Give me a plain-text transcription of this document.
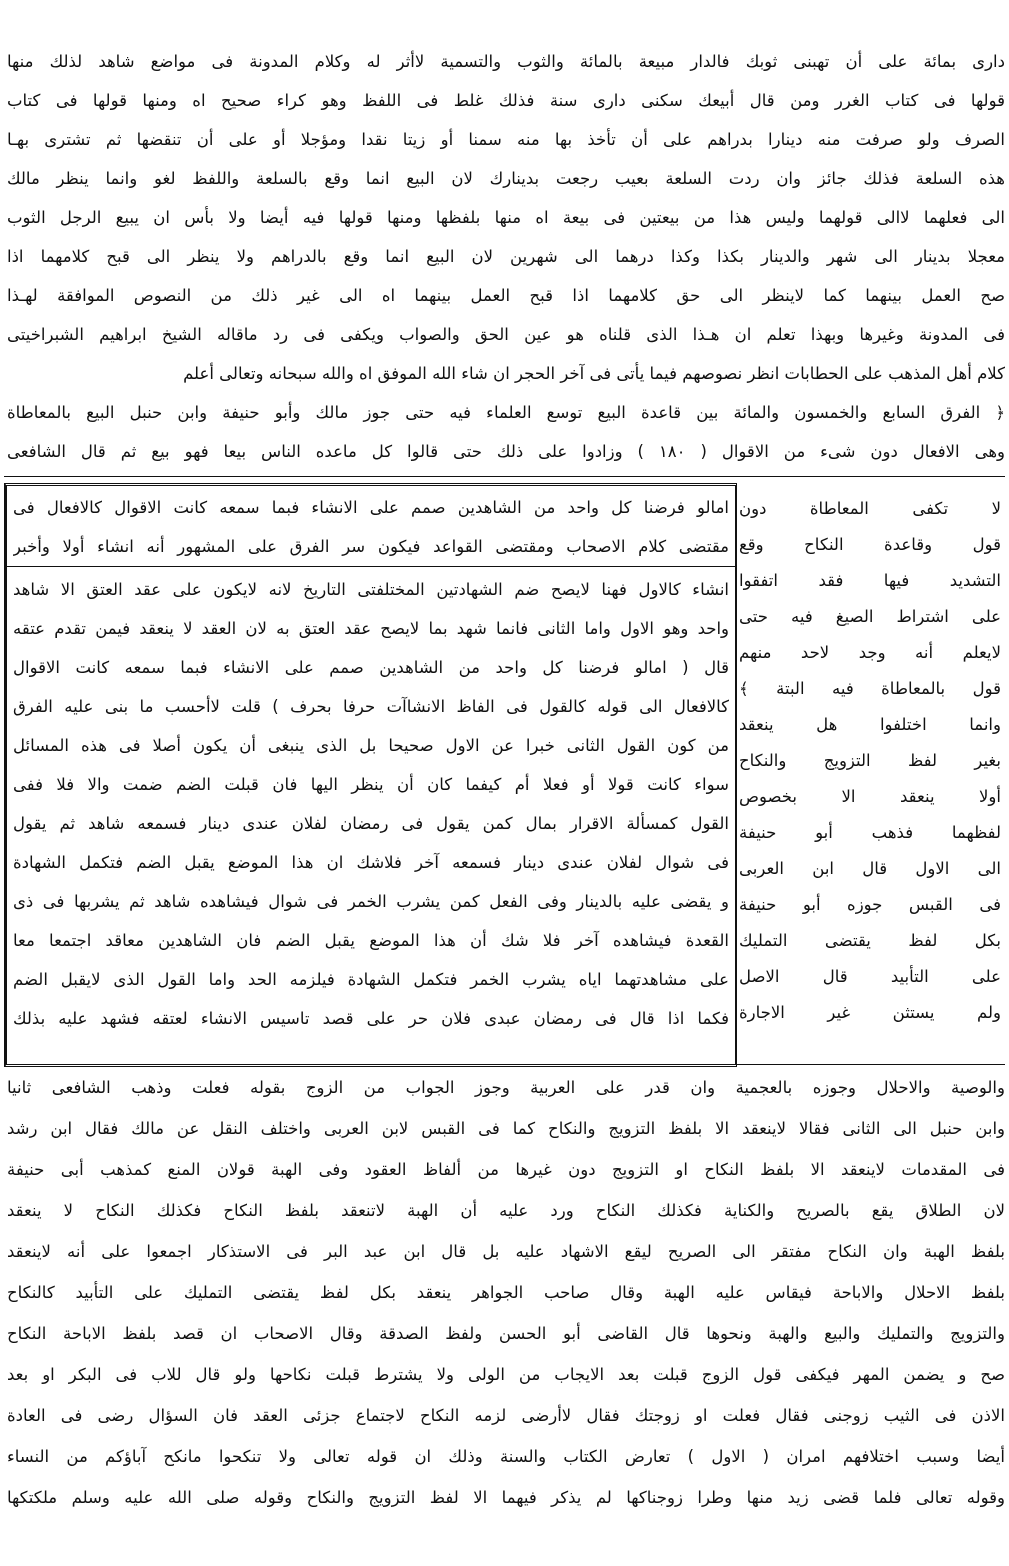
دارى بمائة على أن تهبنى ثوبك فالدار مبيعة بالمائة والثوب والتسمية لاأثر له وكلام المدونة فى مواضع شاهد لذلك منها
قولها فى كتاب الغرر ومن قال أبيعك سكنى دارى سنة فذلك غلط فى اللفظ وهو كراء صحيح اه ومنها قولها فى كتاب
الصرف ولو صرفت منه دينارا بدراهم على أن تأخذ بها منه سمنا أو زيتا نقدا ومؤجلا أو على أن تنقضها ثم تشترى بهـا
هذه السلعة فذلك جائز وان ردت السلعة بعيب رجعت بدينارك لان البيع انما وقع بالسلعة واللفظ لغو وانما ينظر مالك
الى فعلهما لاالى قولهما وليس هذا من بيعتين فى بيعة اه منها بلفظها ومنها قولها فيه أيضا ولا بأس ان يبيع الرجل الثوب
معجلا بدينار الى شهر والدينار بكذا وكذا درهما الى شهرين لان البيع انما وقع بالدراهم ولا ينظر الى قبح كلامهما اذا
صح العمل بينهما كما لاينظر الى حق كلامهما اذا قبح العمل بينهما اه الى غير ذلك من النصوص الموافقة لهـذا
فى المدونة وغيرها وبهذا تعلم ان هـذا الذى قلناه هو عين الحق والصواب ويكفى فى رد ماقاله الشيخ ابراهيم الشبراخيتى
كلام أهل المذهب على الحطابات انظر نصوصهم فيما يأتى فى آخر الحجر ان شاء الله الموفق اه والله سبحانه وتعالى أعلم
﴿ الفرق السابع والخمسون والمائة بين قاعدة البيع توسع العلماء فيه حتى جوز مالك وأبو حنيفة وابن حنبل البيع بالمعاطاة
وهى الافعال دون شىء من الاقوال ( ١٨٠ ) وزادوا على ذلك حتى قالوا كل ماعده الناس بيعا فهو بيع ثم قال الشافعى
امالو فرضنا كل واحد من الشاهدين صمم على الانشاء فبما سمعه كانت الاقوال كالافعال فى
مقتضى كلام الاصحاب ومقتضى القواعد فيكون سر الفرق على المشهور أنه انشاء أولا وأخبر
انشاء كالاول فهنا لايصح ضم الشهادتين المختلفتى التاريخ لانه لايكون على عقد العتق الا شاهد
واحد وهو الاول واما الثانى فانما شهد بما لايصح عقد العتق به لان العقد لا ينعقد فيمن تقدم عتقه
قال ( امالو فرضنا كل واحد من الشاهدين صمم على الانشاء فبما سمعه كانت الاقوال
كالافعال الى قوله كالقول فى الفاظ الانشاآت حرفا بحرف ) قلت لاأحسب ما بنى عليه الفرق
من كون القول الثانى خبرا عن الاول صحيحا بل الذى ينبغى أن يكون أصلا فى هذه المسائل
سواء كانت قولا أو فعلا أم كيفما كان أن ينظر اليها فان قبلت الضم ضمت والا فلا ففى
القول كمسألة الاقرار بمال كمن يقول فى رمضان لفلان عندى دينار فسمعه شاهد ثم يقول
فى شوال لفلان عندى دينار فسمعه آخر فلاشك ان هذا الموضع يقبل الضم فتكمل الشهادة
و يقضى عليه بالدينار وفى الفعل كمن يشرب الخمر فى شوال فيشاهده شاهد ثم يشربها فى ذى
القعدة فيشاهده آخر فلا شك أن هذا الموضع يقبل الضم فان الشاهدين معاقد اجتمعا معا
على مشاهدتهما اياه يشرب الخمر فتكمل الشهادة فيلزمه الحد واما القول الذى لايقبل الضم
فكما اذا قال فى رمضان عبدى فلان حر على قصد تاسيس الانشاء لعتقه فشهد عليه بذلك
لا تكفى المعاطاة دون
قول وقاعدة النكاح وقع
التشديد فيها فقد اتفقوا
على اشتراط الصيغ فيه حتى
لايعلم أنه وجد لاحد منهم
قول بالمعاطاة فيه البتة ﴾
وانما اختلفوا هل ينعقد
بغير لفظ التزويج والنكاح
أولا ينعقد الا بخصوص
لفظهما فذهب أبو حنيفة
الى الاول قال ابن العربى
فى القبس جوزه أبو حنيفة
بكل لفظ يقتضى التمليك
على التأبيد قال الاصل
ولم يستثن غير الاجارة
والوصية والاحلال وجوزه بالعجمية وان قدر على العربية وجوز الجواب من الزوج بقوله فعلت وذهب الشافعى ثانيا
وابن حنبل الى الثانى فقالا لاينعقد الا بلفظ التزويج والنكاح كما فى القبس لابن العربى واختلف النقل عن مالك فقال ابن رشد
فى المقدمات لاينعقد الا بلفظ النكاح او التزويج دون غيرها من ألفاظ العقود وفى الهبة قولان المنع كمذهب أبى حنيفة
لان الطلاق يقع بالصريح والكناية فكذلك النكاح ورد عليه أن الهبة لاتنعقد بلفظ النكاح فكذلك النكاح لا ينعقد
بلفظ الهبة وان النكاح مفتقر الى الصريح ليقع الاشهاد عليه بل قال ابن عبد البر فى الاستذكار اجمعوا على أنه لاينعقد
بلفظ الاحلال والاباحة فيقاس عليه الهبة وقال صاحب الجواهر ينعقد بكل لفظ يقتضى التمليك على التأبيد كالنكاح
والتزويج والتمليك والبيع والهبة ونحوها قال القاضى أبو الحسن ولفظ الصدقة وقال الاصحاب ان قصد بلفظ الاباحة النكاح
صح و يضمن المهر فيكفى قول الزوج قبلت بعد الايجاب من الولى ولا يشترط قبلت نكاحها ولو قال للاب فى البكر او بعد
الاذن فى الثيب زوجنى فقال فعلت او زوجتك فقال لاأرضى لزمه النكاح لاجتماع جزئى العقد فان السؤال رضى فى العادة
أيضا وسبب اختلافهم امران ( الاول ) تعارض الكتاب والسنة وذلك ان قوله تعالى ولا تنكحوا مانكح آباؤكم من النساء
وقوله تعالى فلما قضى زيد منها وطرا زوجناكها لم يذكر فيهما الا لفظ التزويج والنكاح وقوله صلى الله عليه وسلم ملكتكها
